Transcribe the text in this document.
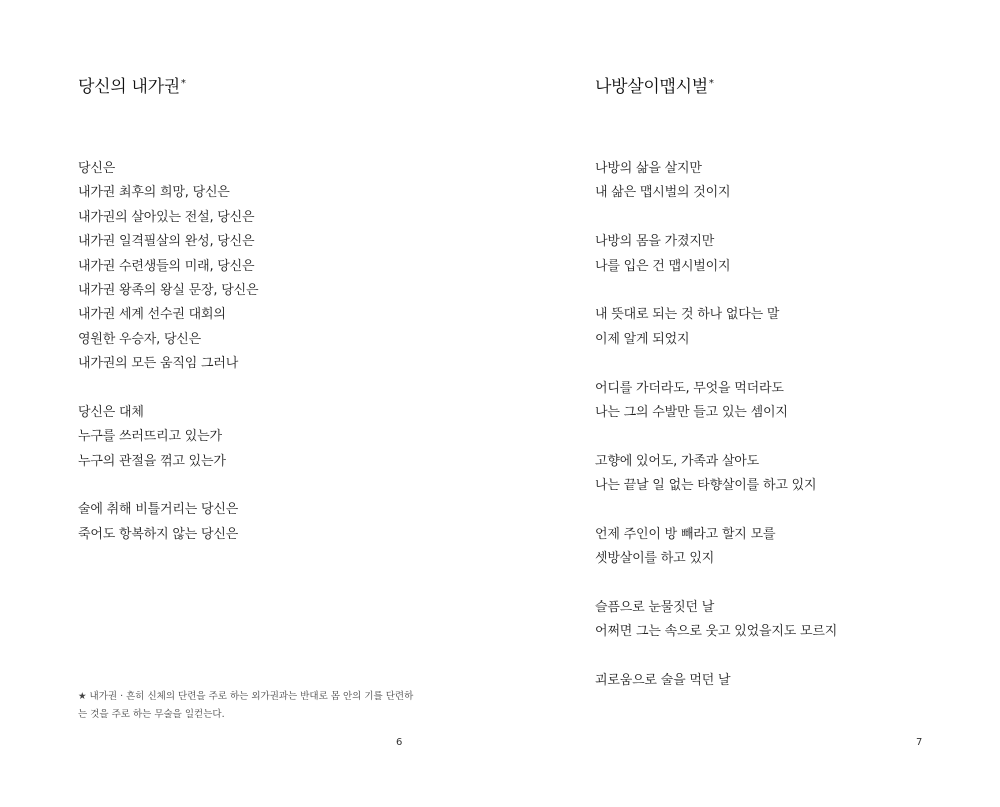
당신의 내가권*
당신은
내가권 최후의 희망, 당신은
내가권의 살아있는 전설, 당신은
내가권 일격필살의 완성, 당신은
내가권 수련생들의 미래, 당신은
내가권 왕족의 왕실 문장, 당신은
내가권 세계 선수권 대회의
영원한 우승자, 당신은
내가권의 모든 움직임 그러나
당신은 대체
누구를 쓰러뜨리고 있는가
누구의 관절을 꺾고 있는가
술에 취해 비틀거리는 당신은
죽어도 항복하지 않는 당신은
★ 내가권 · 흔히 신체의 단련을 주로 하는 외가권과는 반대로 몸 안의 기를 단련하
는 것을 주로 하는 무술을 일컫는다.
6
나방살이맵시벌*
나방의 삶을 살지만
내 삶은 맵시벌의 것이지
나방의 몸을 가졌지만
나를 입은 건 맵시벌이지
내 뜻대로 되는 것 하나 없다는 말
이제 알게 되었지
어디를 가더라도, 무엇을 먹더라도
나는 그의 수발만 들고 있는 셈이지
고향에 있어도, 가족과 살아도
나는 끝날 일 없는 타향살이를 하고 있지
언제 주인이 방 빼라고 할지 모를
셋방살이를 하고 있지
슬픔으로 눈물짓던 날
어쩌면 그는 속으로 웃고 있었을지도 모르지
괴로움으로 술을 먹던 날
7
